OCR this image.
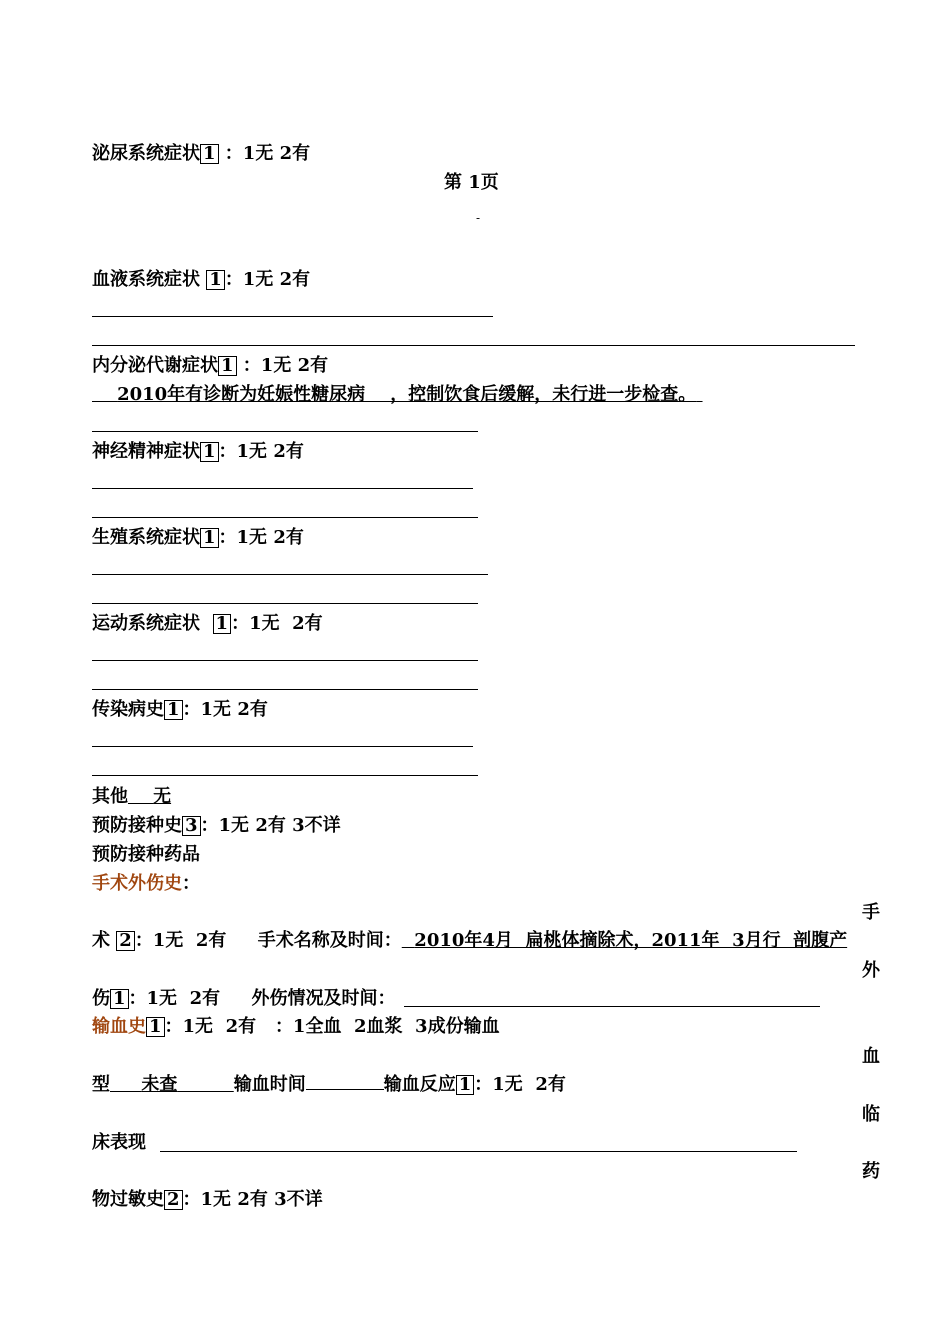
泌尿系统症状 1 ：1无 2有
第 1页
-
血液系统症状 1 ：1无 2有
内分泌代谢症状 1 ：1无 2有
2010年有诊断为妊娠性糖尿病    ，控制饮食后缓解，未行进一步检查。
神经精神症状 1 ：1无 2有
生殖系统症状 1 ：1无 2有
运动系统症状  1 ：1无  2有
传染病史 1 ：1无 2有
其他 无
预防接种史 3 ：1无 2有 3不详
预防接种药品
手术外伤史：
手
外
血
临
药
术 2 ：1无  2有 手术名称及时间： 2010年4月  扁桃体摘除术，2011年  3月行  剖腹产
伤 1 ：1无  2有 外伤情况及时间：
输血史 1 ：1无  2有 ：1全血  2血浆  3成份输血
型 未查	输血时间	输血反应 1 ：1无  2有
床表现
物过敏史 2 ：1无 2有 3不详
